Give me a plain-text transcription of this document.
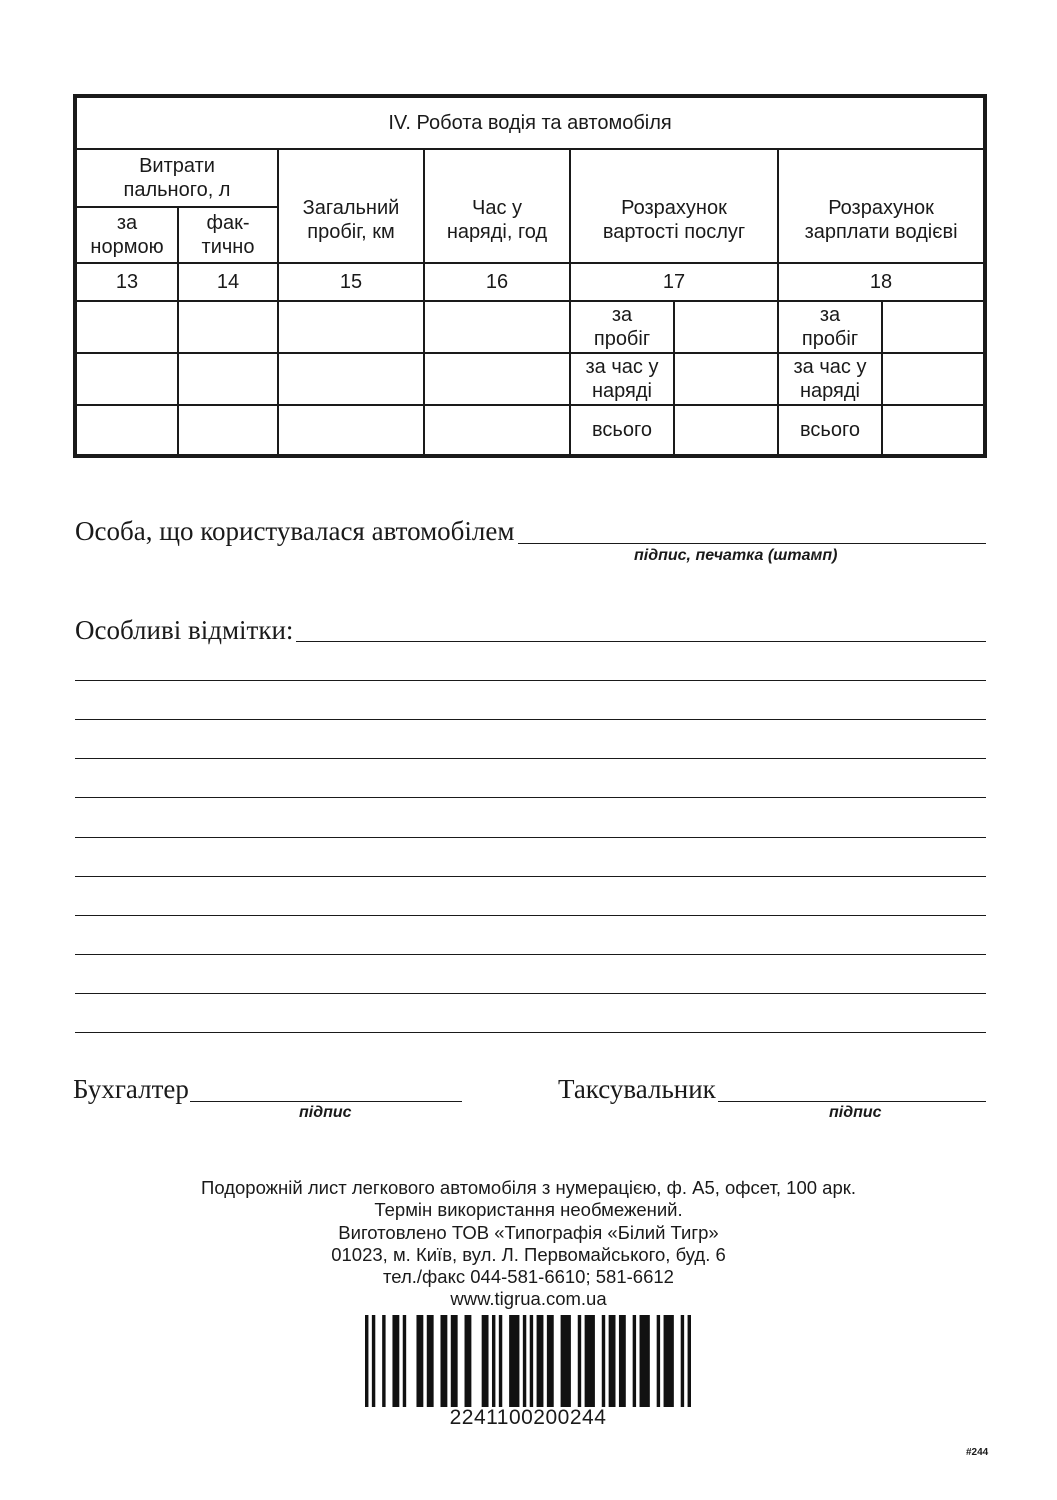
IV. Робота водія та автомобіля							

Витрати пального, л		Загальний пробіг, км	Час у наряді, год	Розрахунок вартості послуг		Розрахунок зарплати водієві	

за нормою	фак-тично						

13	14	15	16	17		18	

				за пробіг		за пробіг	

				за час у наряді		за час у наряді	

				всього		всього	
Особа, що користувалася автомобілем
підпис, печатка (штамп)
Особливі відмітки:
Бухгалтер
підпис
Таксувальник
підпис
Подорожній лист легкового автомобіля з нумерацією, ф. А5, офсет, 100 арк.
Термін використання необмежений.
Виготовлено ТОВ «Типографія «Білий Тигр»
01023, м. Київ, вул. Л. Первомайського, буд. 6
тел./факс 044-581-6610; 581-6612
www.tigrua.com.ua
2241100200244
#244
